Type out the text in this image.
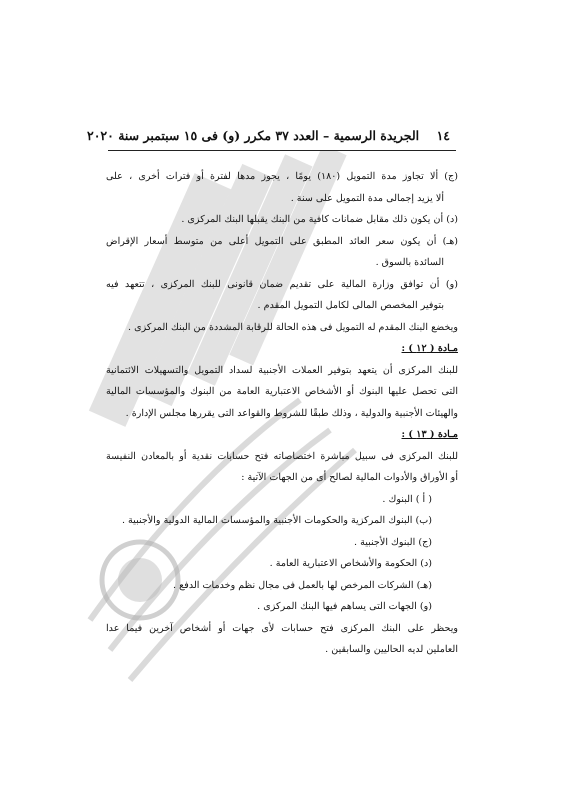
١٤    الجريدة الرسمية – العدد ٣٧ مكرر (و) فى ١٥ سبتمبر سنة ٢٠٢٠
(ج) ألا تجاوز مدة التمويل (١٨٠) يومًا ، يجوز مدها لفترة أو فترات أخرى ، على
ألا يزيد إجمالى مدة التمويل على سنة .
(د) أن يكون ذلك مقابل ضمانات كافية من البنك يقبلها البنك المركزى .
(هـ) أن يكون سعر العائد المطبق على التمويل أعلى من متوسط أسعار الإقراض
السائدة بالسوق .
(و) أن توافق وزارة المالية على تقديم ضمان قانونى للبنك المركزى ، تتعهد فيه
بتوفير المخصص المالى لكامل التمويل المقدم .
ويخضع البنك المقدم له التمويل فى هذه الحالة للرقابة المشددة من البنك المركزى .
مـادة ( ١٢ ) :
للبنك المركزى أن يتعهد بتوفير العملات الأجنبية لسداد التمويل والتسهيلات الائتمانية
التى تحصل عليها البنوك أو الأشخاص الاعتبارية العامة من البنوك والمؤسسات المالية
والهيئات الأجنبية والدولية ، وذلك طبقًا للشروط والقواعد التى يقررها مجلس الإدارة .
مـادة ( ١٣ ) :
للبنك المركزى فى سبيل مباشرة اختصاصاته فتح حسابات نقدية أو بالمعادن النفيسة
أو الأوراق والأدوات المالية لصالح أى من الجهات الآتية :
( أ ) البنوك .
(ب) البنوك المركزية والحكومات الأجنبية والمؤسسات المالية الدولية والأجنبية .
(ج) البنوك الأجنبية .
(د) الحكومة والأشخاص الاعتبارية العامة .
(هـ) الشركات المرخص لها بالعمل فى مجال نظم وخدمات الدفع .
(و) الجهات التى يساهم فيها البنك المركزى .
ويحظر على البنك المركزى فتح حسابات لأى جهات أو أشخاص آخرين فيما عدا
العاملين لديه الحاليين والسابقين .
